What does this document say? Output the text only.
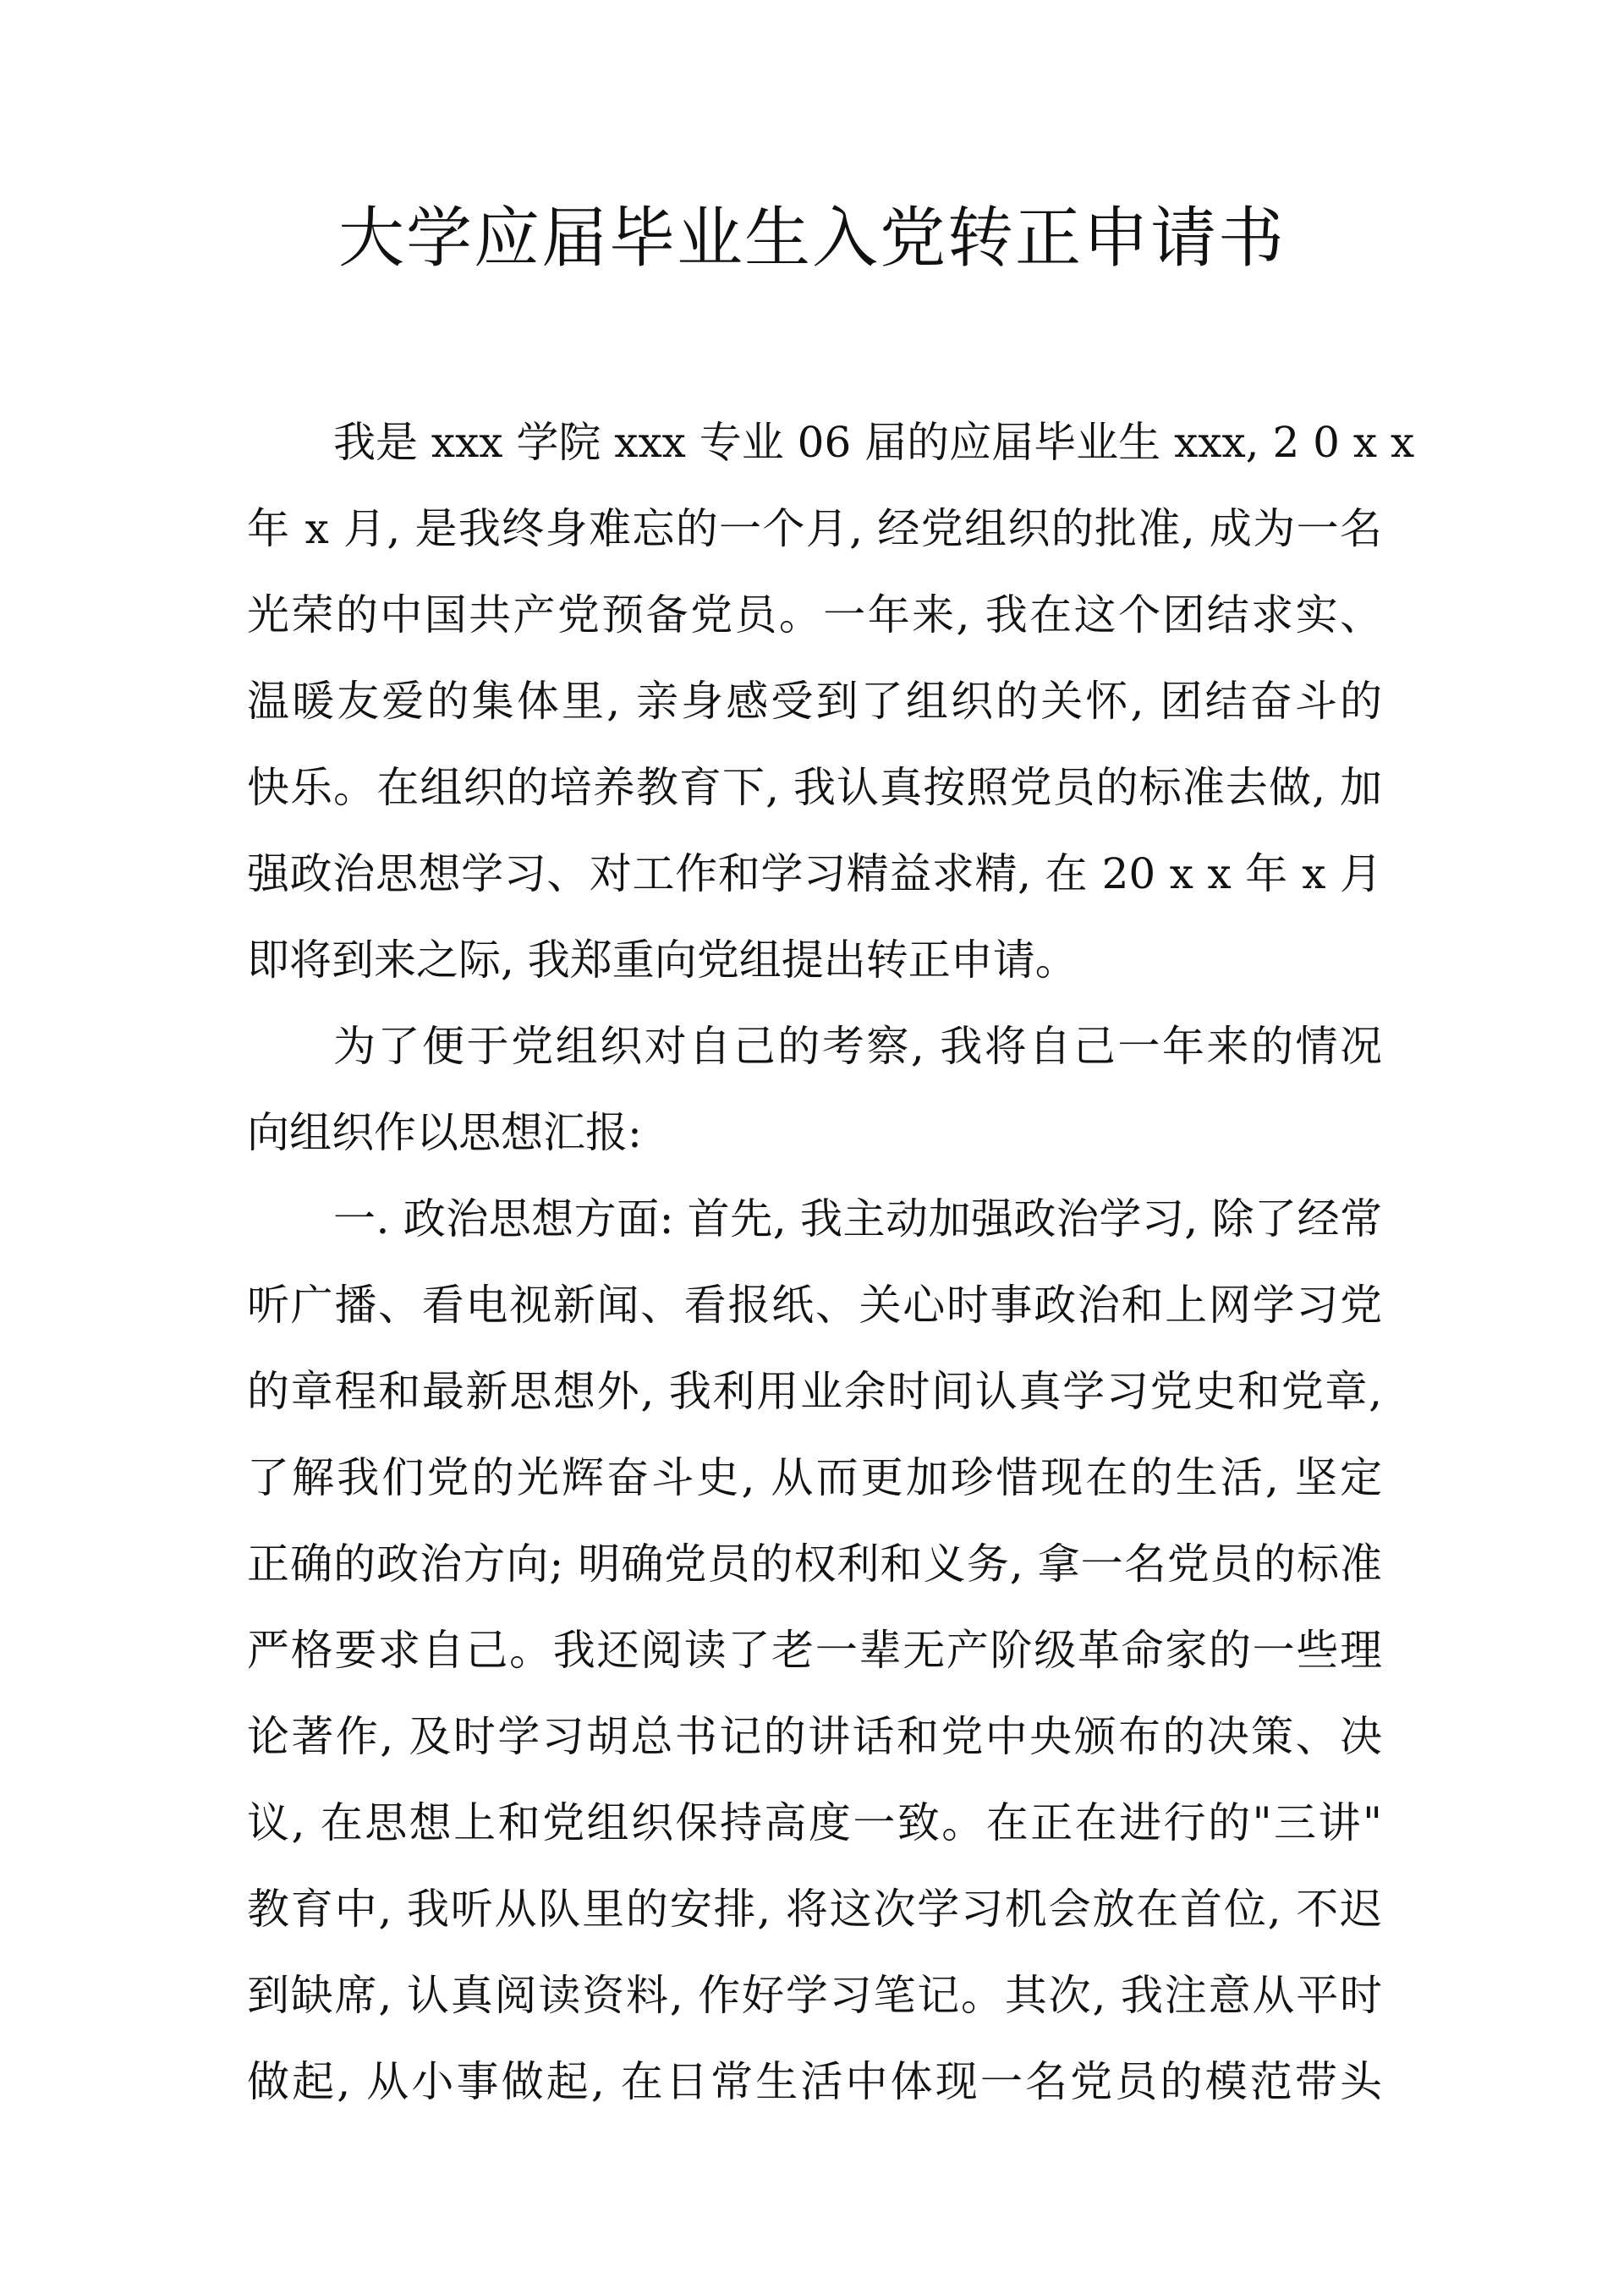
大学应届毕业生入党转正申请书
我是 xxx 学院 xxx 专业 06 届的应届毕业生 xxx, 2 0 x x
年 x 月, 是我终身难忘的一个月, 经党组织的批准, 成为一名
光荣的中国共产党预备党员。一年来, 我在这个团结求实、
温暖友爱的集体里, 亲身感受到了组织的关怀, 团结奋斗的
快乐。在组织的培养教育下, 我认真按照党员的标准去做, 加
强政治思想学习、对工作和学习精益求精, 在 20 x x 年 x 月
即将到来之际, 我郑重向党组提出转正申请。
为了便于党组织对自己的考察, 我将自己一年来的情况
向组织作以思想汇报:
一. 政治思想方面: 首先, 我主动加强政治学习, 除了经常
听广播、看电视新闻、看报纸、关心时事政治和上网学习党
的章程和最新思想外, 我利用业余时间认真学习党史和党章,
了解我们党的光辉奋斗史, 从而更加珍惜现在的生活, 坚定
正确的政治方向; 明确党员的权利和义务, 拿一名党员的标准
严格要求自己。我还阅读了老一辈无产阶级革命家的一些理
论著作, 及时学习胡总书记的讲话和党中央颁布的决策、决
议, 在思想上和党组织保持高度一致。在正在进行的"三讲"
教育中, 我听从队里的安排, 将这次学习机会放在首位, 不迟
到缺席, 认真阅读资料, 作好学习笔记。其次, 我注意从平时
做起, 从小事做起, 在日常生活中体现一名党员的模范带头
